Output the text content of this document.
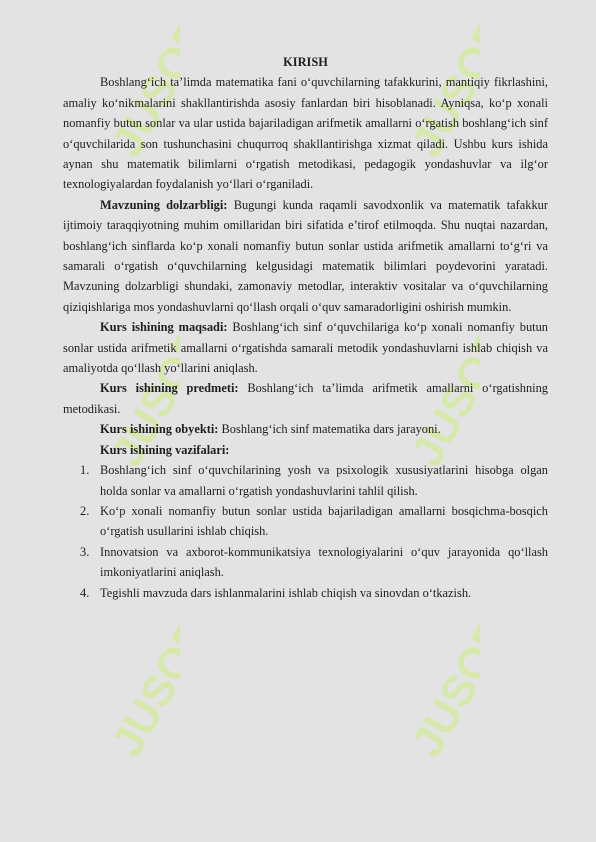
JUSOF	JUSOF
JUSOF	JUSOF
JUSOF	JUSOF
KIRISH

Boshlang‘ich ta’limda matematika fani o‘quvchilarning tafakkurini, mantiqiy fikrlashini, amaliy ko‘nikmalarini shakllantirishda asosiy fanlardan biri hisoblanadi. Ayniqsa, ko‘p xonali nomanfiy butun sonlar va ular ustida bajariladigan arifmetik amallarni o‘rgatish boshlang‘ich sinf o‘quvchilarida son tushunchasini chuqurroq shakllantirishga xizmat qiladi. Ushbu kurs ishida aynan shu matematik bilimlarni o‘rgatish metodikasi, pedagogik yondashuvlar va ilg‘or texnologiyalardan foydalanish yo‘llari o‘rganiladi.

Mavzuning dolzarbligi: Bugungi kunda raqamli savodxonlik va matematik tafakkur ijtimoiy taraqqiyotning muhim omillaridan biri sifatida e’tirof etilmoqda. Shu nuqtai nazardan, boshlang‘ich sinflarda ko‘p xonali nomanfiy butun sonlar ustida arifmetik amallarni to‘g‘ri va samarali o‘rgatish o‘quvchilarning kelgusidagi matematik bilimlari poydevorini yaratadi. Mavzuning dolzarbligi shundaki, zamonaviy metodlar, interaktiv vositalar va o‘quvchilarning qiziqishlariga mos yondashuvlarni qo‘llash orqali o‘quv samaradorligini oshirish mumkin.

Kurs ishining maqsadi: Boshlang‘ich sinf o‘quvchilariga ko‘p xonali nomanfiy butun sonlar ustida arifmetik amallarni o‘rgatishda samarali metodik yondashuvlarni ishlab chiqish va amaliyotda qo‘llash yo‘llarini aniqlash.

Kurs ishining predmeti: Boshlang‘ich ta’limda arifmetik amallarni o‘rgatishning metodikasi.

Kurs ishining obyekti: Boshlang‘ich sinf matematika dars jarayoni.

Kurs ishining vazifalari:

1. Boshlang‘ich sinf o‘quvchilarining yosh va psixologik xususiyatlarini hisobga olgan holda sonlar va amallarni o‘rgatish yondashuvlarini tahlil qilish.
2. Ko‘p xonali nomanfiy butun sonlar ustida bajariladigan amallarni bosqichma-bosqich o‘rgatish usullarini ishlab chiqish.
3. Innovatsion va axborot-kommunikatsiya texnologiyalarini o‘quv jarayonida qo‘llash imkoniyatlarini aniqlash.
4. Tegishli mavzuda dars ishlanmalarini ishlab chiqish va sinovdan o‘tkazish.
